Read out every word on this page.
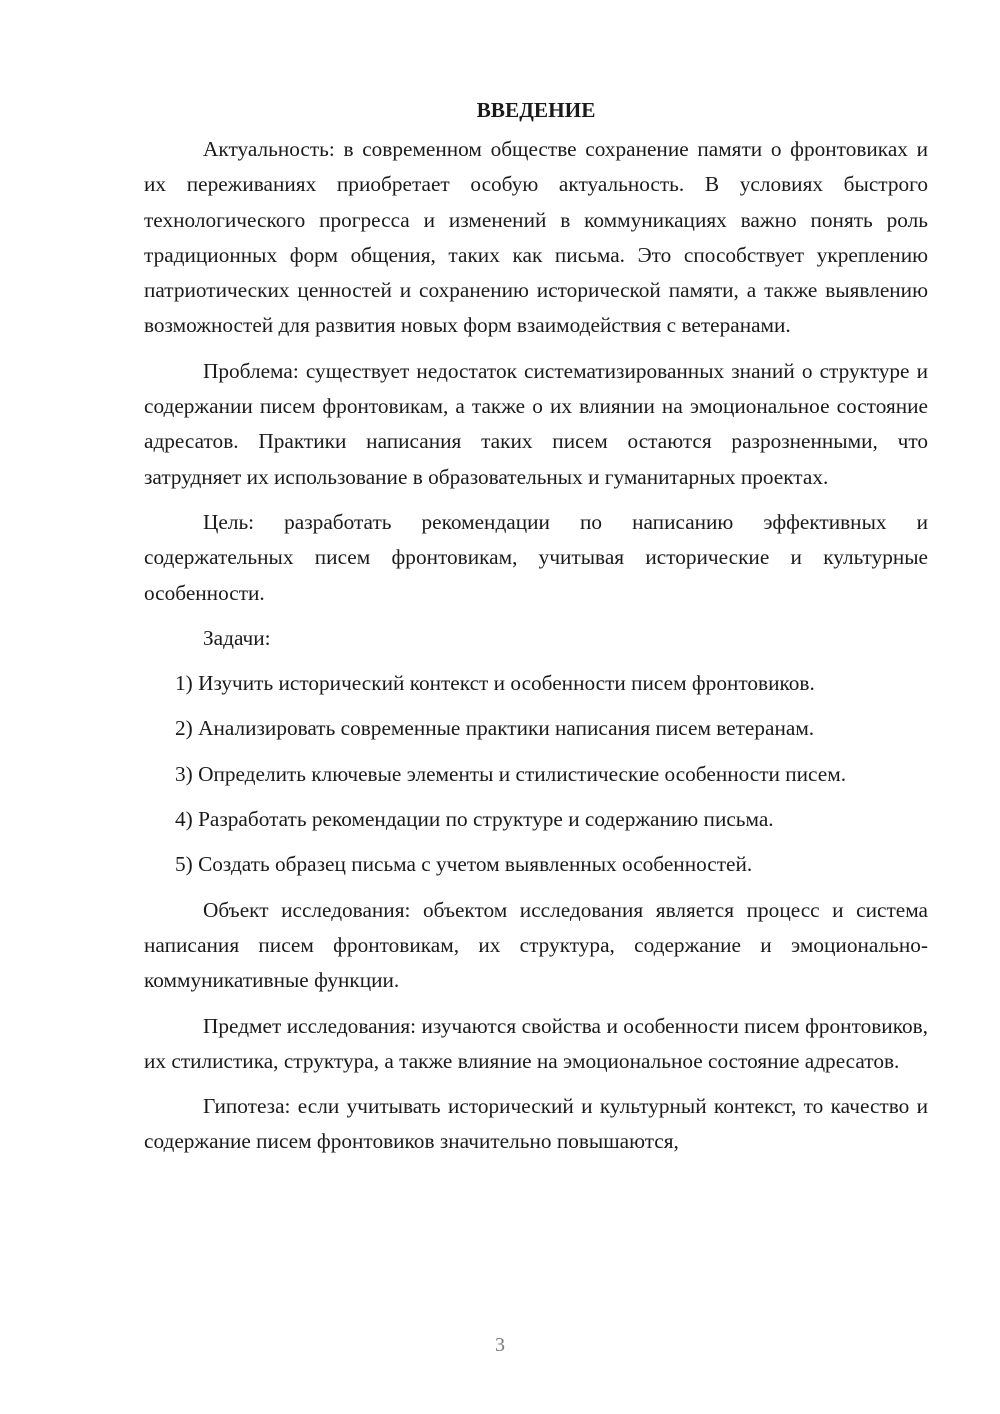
ВВЕДЕНИЕ

Актуальность: в современном обществе сохранение памяти о фронтовиках и их переживаниях приобретает особую актуальность. В условиях быстрого технологического прогресса и изменений в коммуникациях важно понять роль традиционных форм общения, таких как письма. Это способствует укреплению патриотических ценностей и сохранению исторической памяти, а также выявлению возможностей для развития новых форм взаимодействия с ветеранами.

Проблема: существует недостаток систематизированных знаний о структуре и содержании писем фронтовикам, а также о их влиянии на эмоциональное состояние адресатов. Практики написания таких писем остаются разрозненными, что затрудняет их использование в образовательных и гуманитарных проектах.

Цель: разработать рекомендации по написанию эффективных и содержательных писем фронтовикам, учитывая исторические и культурные особенности.

Задачи:

1) Изучить исторический контекст и особенности писем фронтовиков.

2) Анализировать современные практики написания писем ветеранам.

3) Определить ключевые элементы и стилистические особенности писем.

4) Разработать рекомендации по структуре и содержанию письма.

5) Создать образец письма с учетом выявленных особенностей.

Объект исследования: объектом исследования является процесс и система написания писем фронтовикам, их структура, содержание и эмоционально-коммуникативные функции.

Предмет исследования: изучаются свойства и особенности писем фронтовиков, их стилистика, структура, а также влияние на эмоциональное состояние адресатов.

Гипотеза: если учитывать исторический и культурный контекст, то качество и содержание писем фронтовиков значительно повышаются,

3
